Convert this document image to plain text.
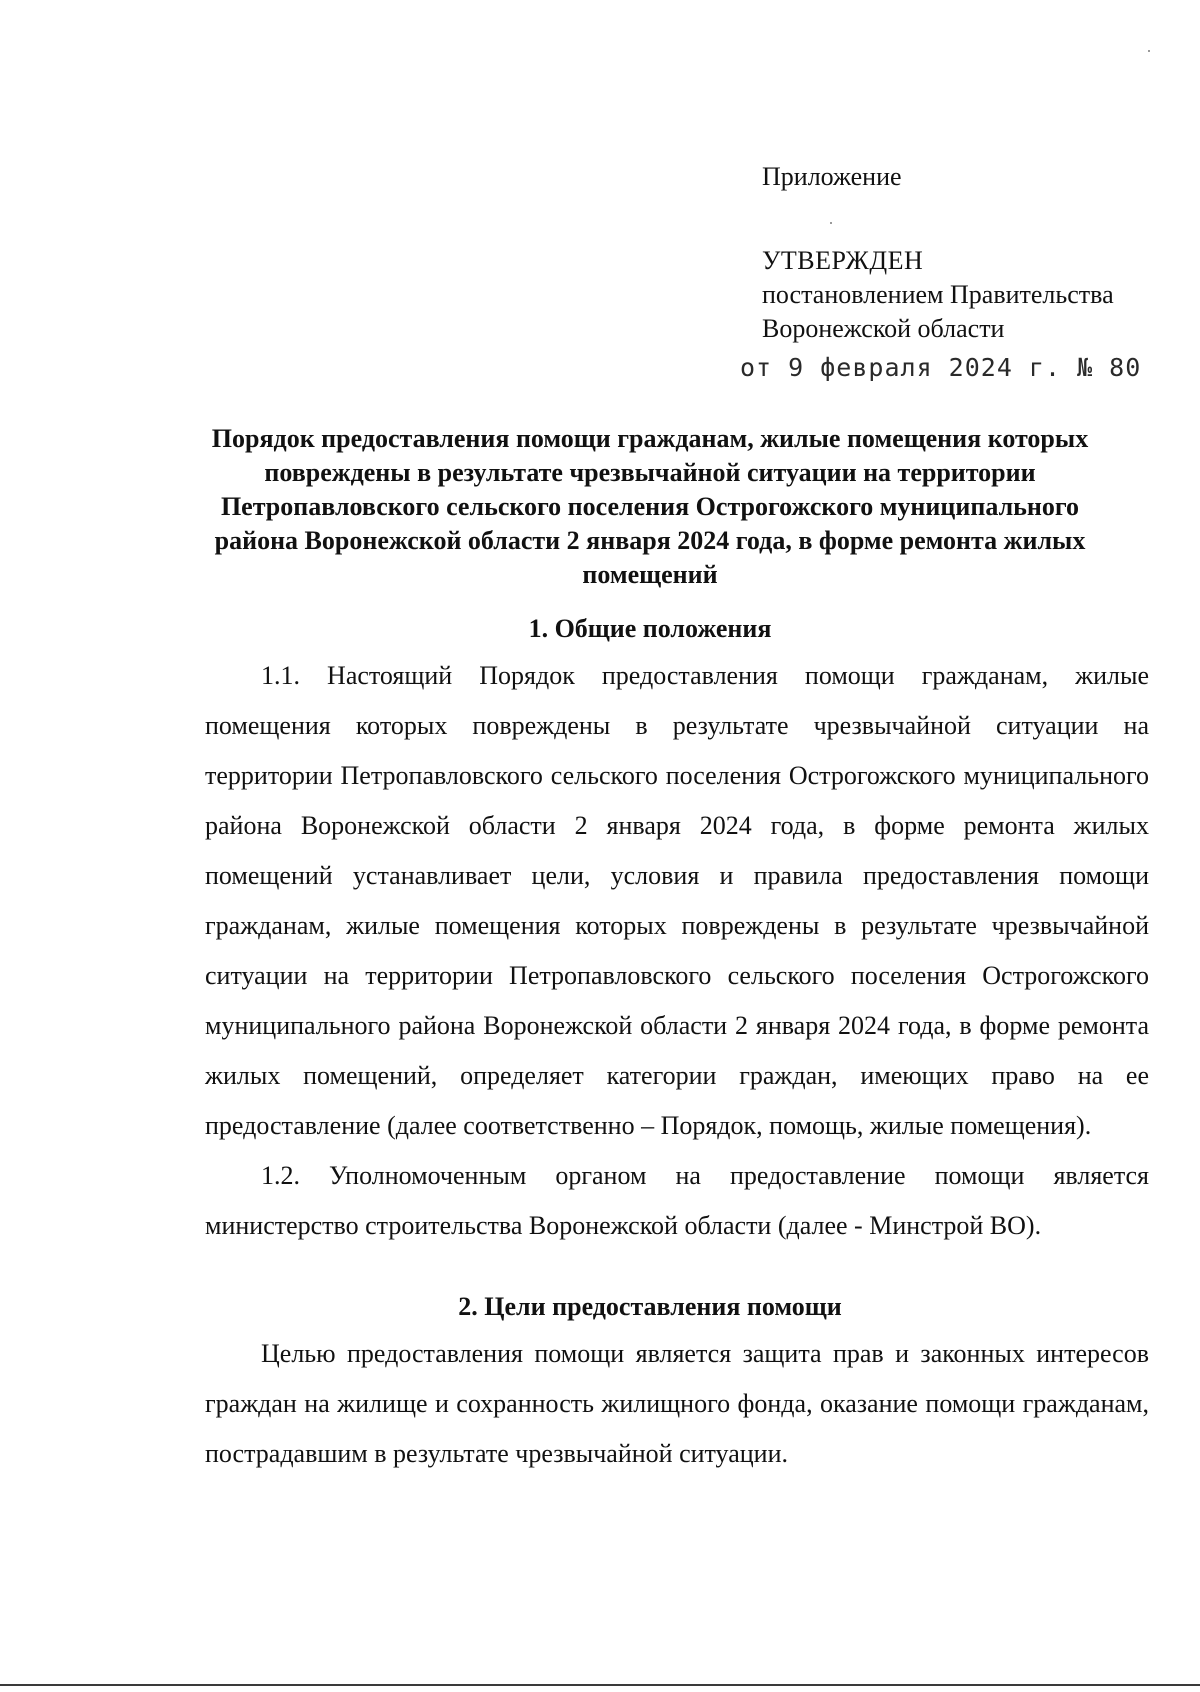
Приложение
УТВЕРЖДЕН
постановлением Правительства
Воронежской области
от 9 февраля 2024 г. № 80
Порядок предоставления помощи гражданам, жилые помещения которых повреждены в результате чрезвычайной ситуации на территории Петропавловского сельского поселения Острогожского муниципального района Воронежской области 2 января 2024 года, в форме ремонта жилых помещений
1. Общие положения

1.1. Настоящий Порядок предоставления помощи гражданам, жилые помещения которых повреждены в результате чрезвычайной ситуации на территории Петропавловского сельского поселения Острогожского муниципального района Воронежской области 2 января 2024 года, в форме ремонта жилых помещений устанавливает цели, условия и правила предоставления помощи гражданам, жилые помещения которых повреждены в результате чрезвычайной ситуации на территории Петропавловского сельского поселения Острогожского муниципального района Воронежской области 2 января 2024 года, в форме ремонта жилых помещений, определяет категории граждан, имеющих право на ее предоставление (далее соответственно – Порядок, помощь, жилые помещения).

1.2. Уполномоченным органом на предоставление помощи является министерство строительства Воронежской области (далее - Минстрой ВО).

2. Цели предоставления помощи

Целью предоставления помощи является защита прав и законных интересов граждан на жилище и сохранность жилищного фонда, оказание помощи гражданам, пострадавшим в результате чрезвычайной ситуации.
